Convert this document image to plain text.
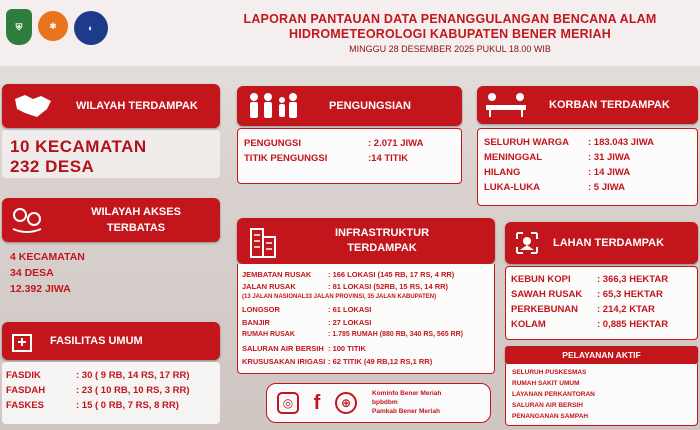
⛨	✱	◐
LAPORAN PANTAUAN DATA PENANGGULANGAN BENCANA ALAM
HIDROMETEOROLOGI KABUPATEN BENER MERIAH
MINGGU 28 DESEMBER 2025 PUKUL 18.00 WIB
WILAYAH TERDAMPAK
10 KECAMATAN
232 DESA
WILAYAH AKSES
TERBATAS
4 KECAMATAN
34 DESA
12.392 JIWA
FASILITAS UMUM
FASDIK	: 30 ( 9 RB, 14 RS, 17 RR)
FASDAH	: 23 ( 10 RB, 10 RS, 3 RR)
FASKES	: 15 ( 0 RB, 7 RS, 8 RR)
PENGUNGSIAN
PENGUNGSI	: 2.071 JIWA
TITIK PENGUNGSI	:14 TITIK
INFRASTRUKTUR
TERDAMPAK
JEMBATAN RUSAK : 166 LOKASI (145 RB, 17 RS, 4 RR)
JALAN RUSAK	: 81 LOKASI (52RB, 15 RS, 14 RR)
(13 JALAN NASIONAL33 JALAN PROVINSI, 35 JALAN KABUPATEN)
LONGSOR	: 61 LOKASI
BANJIR	: 27 LOKASI
RUMAH RUSAK	: 1.785 RUMAH (880 RB, 340 RS, 565 RR)
SALURAN AIR BERSIH : 100 TITIK
KRUSUSAKAN IRIGASI : 62 TITIK (49 RB,12 RS,1 RR)
◎	f	⊕
Kominfo Bener Meriah
bpbdbm
Pamkab Bener Meriah
KORBAN TERDAMPAK
SELURUH WARGA	: 183.043 JIWA
MENINGGAL	: 31 JIWA
HILANG	: 14 JIWA
LUKA-LUKA	: 5 JIWA
LAHAN TERDAMPAK
KEBUN KOPI	: 366,3 HEKTAR
SAWAH RUSAK	: 65,3 HEKTAR
PERKEBUNAN	: 214,2 KTAR
KOLAM	: 0,885 HEKTAR
PELAYANAN AKTIF
SELURUH PUSKESMAS
RUMAH SAKIT UMUM
LAYANAN PERKANTORAN
SALURAN AIR BERSIH
PENANGANAN SAMPAH
